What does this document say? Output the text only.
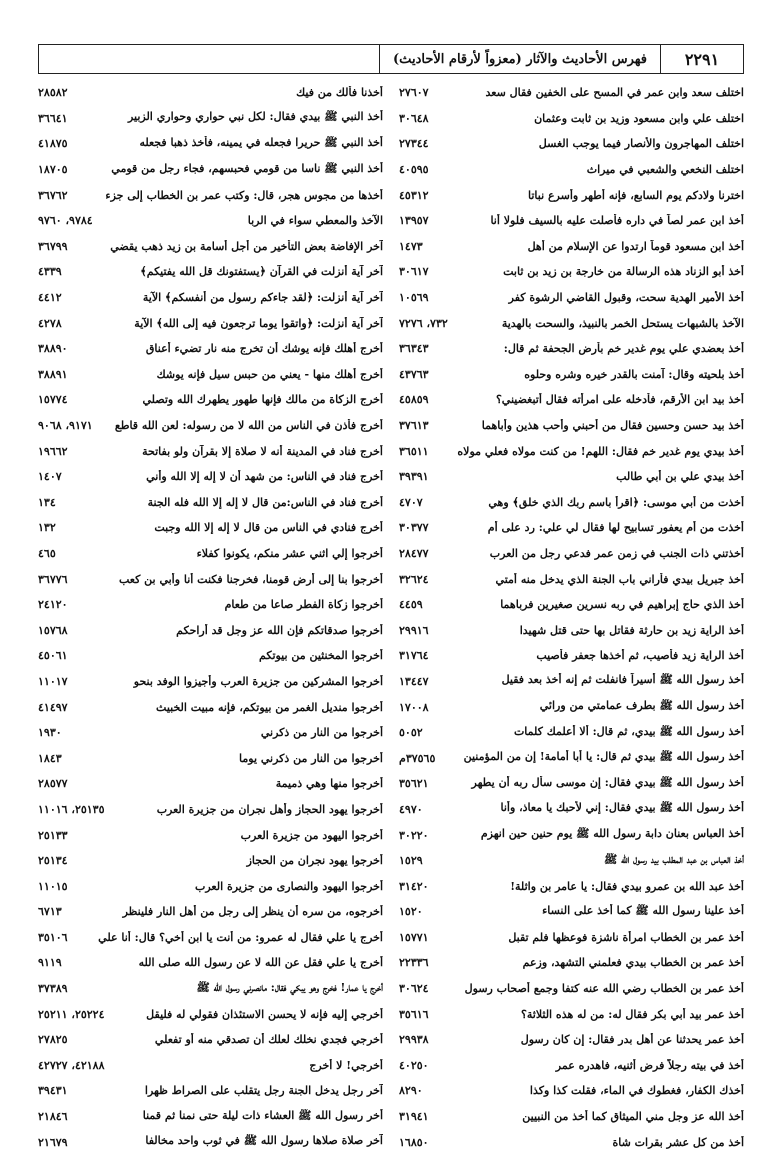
٢٢٩١
فهرس الأحاديث والآثار (معزواً لأرقام الأحاديث)
اختلف سعد وابن عمر في المسح على الخفين فقال سعد
٢٧٦٠٧
اختلف علي وابن مسعود وزيد بن ثابت وعثمان
٣٠٦٤٨
اختلف المهاجرون والأنصار فيما يوجب الغسل
٢٧٣٤٤
اختلف النخعي والشعبي في ميراث
٤٠٥٩٥
اخترنا ولادكم يوم السابع، فإنه أطهر وأسرع نباتا
٤٥٣١٢
أخذ ابن عمر لصاً في داره فأصلت عليه بالسيف فلولا أنا
١٣٩٥٧
أخذ ابن مسعود قوماً ارتدوا عن الإسلام من أهل
١٤٧٣
أخذ أبو الزناد هذه الرسالة من خارجة بن زيد بن ثابت
٣٠٦١٧
أخذ الأمير الهدية سحت، وقبول القاضي الرشوة كفر
١٠٥٦٩
الآخذ بالشبهات يستحل الخمر بالنبيذ، والسحت بالهدية
٧٣٢، ٧٢٧٦
أخذ بعضدي علي يوم غدير خم بأرض الجحفة ثم قال:
٣٦٣٤٣
أخذ بلحيته وقال: آمنت بالقدر خيره وشره وحلوه
٤٣٧٦٣
أخذ بيد ابن الأرقم، فأدخله على امرأته فقال أتبغضيني؟
٤٥٨٥٩
أخذ بيد حسن وحسين فقال من أحبني وأحب هذين وأباهما
٣٧٦١٣
أخذ بيدي يوم غدير خم فقال: اللهم! من كنت مولاه فعلي مولاه
٣٦٥١١
أخذ بيدي علي بن أبي طالب
٣٩٣٩١
أخذت من أبي موسى: ﴿اقرأ باسم ربك الذي خلق﴾ وهي
٤٧٠٧
أخذت من أم يعفور تسابيح لها فقال لي علي: رد على أم
٣٠٣٧٧
أخذتني ذات الجنب في زمن عمر فدعي رجل من العرب
٢٨٤٧٧
أخذ جبريل بيدي فأراني باب الجنة الذي يدخل منه أمتي
٣٢٦٢٤
أخذ الذي حاج إبراهيم في ربه نسرين صغيرين فرباهما
٤٤٥٩
أخذ الراية زيد بن حارثة فقاتل بها حتى قتل شهيدا
٢٩٩١٦
أخذ الراية زيد فأصيب، ثم أخذها جعفر فأصيب
٣١٧٦٤
أخذ رسول الله ﷺ أسيراً فانفلت ثم إنه أخذ بعد فقيل
١٣٤٤٧
أخذ رسول الله ﷺ بطرف عمامتي من ورائي
١٧٠٠٨
أخذ رسول الله ﷺ بيدي، ثم قال: ألا أعلمك كلمات
٥٠٥٢
أخذ رسول الله ﷺ بيدي ثم قال: يا أبا أمامة! إن من المؤمنين
٣٧٥٦٥م
أخذ رسول الله ﷺ بيدي فقال: إن موسى سأل ربه أن يطهر
٣٥٦٢١
أخذ رسول الله ﷺ بيدي فقال: إني لأحبك يا معاذ، وأنا
٤٩٧٠
أخذ العباس بعنان دابة رسول الله ﷺ يوم حنين حين انهزم
٣٠٢٢٠
أخذ العباس بن عبد المطلب بيد رسول الله ﷺ
١٥٢٩
أخذ عبد الله بن عمرو بيدي فقال: يا عامر بن واثلة!
٣١٤٢٠
أخذ علينا رسول الله ﷺ كما أخذ على النساء
١٥٢٠
أخذ عمر بن الخطاب امرأة ناشزة فوعظها فلم تقبل
١٥٧٧١
أخذ عمر بن الخطاب بيدي فعلمني التشهد، وزعم
٢٢٣٣٦
أخذ عمر بن الخطاب رضي الله عنه كتفا وجمع أصحاب رسول
٣٠٦٢٤
أخذ عمر بيد أبي بكر فقال له: من له هذه الثلاثة؟
٣٥٦١٦
أخذ عمر يحدثنا عن أهل بدر فقال: إن كان رسول
٢٩٩٣٨
أخذ في بيته رجلاً فرض أثنيه، فاهدره عمر
٤٠٢٥٠
أخذك الكفار، فغطوك في الماء، فقلت كذا وكذا
٨٢٩٠
أخذ الله عز وجل مني الميثاق كما أخذ من النبيين
٣١٩٤١
أخذ من كل عشر بقرات شاة
١٦٨٥٠
أخذنا فألك من فيك
٢٨٥٨٢
أخذ النبي ﷺ بيدي فقال: لكل نبي حواري وحواري الزبير
٣٦٦٤١
أخذ النبي ﷺ حريرا فجعله في يمينه، فأخذ ذهبا فجعله
٤١٨٧٥
أخذ النبي ﷺ ناسا من قومي فحبسهم، فجاء رجل من قومي
١٨٧٠٥
أخذها من مجوس هجر، قال: وكتب عمر بن الخطاب إلى جزء
٣٦٧٦٢
الآخذ والمعطي سواء في الربا
٩٧٨٤، ٩٧٦٠
آخر الإفاضة بعض التأخير من أجل أسامة بن زيد ذهب يقضي
٣٦٧٩٩
آخر آية أنزلت في القرآن ﴿يستفتونك قل الله يفتيكم﴾
٤٣٣٩
آخر آية أنزلت: ﴿لقد جاءكم رسول من أنفسكم﴾ الآية
٤٤١٢
آخر آية أنزلت: ﴿واتقوا يوما ترجعون فيه إلى الله﴾ الآية
٤٢٧٨
أخرج أهلك فإنه يوشك أن تخرج منه نار تضيء أعناق
٣٨٨٩٠
أخرج أهلك منها - يعني من حبس سيل فإنه يوشك
٣٨٨٩١
أخرج الزكاة من مالك فإنها طهور يطهرك الله وتصلي
١٥٧٧٤
أخرج فأذن في الناس من الله لا من رسوله: لعن الله قاطع
٩١٧١، ٩٠٦٨
أخرج فناد في المدينة أنه لا صلاة إلا بقرآن ولو بفاتحة
١٩٦٦٢
أخرج فناد في الناس: من شهد أن لا إله إلا الله وأني
١٤٠٧
أخرج فناد في الناس:من قال لا إله إلا الله فله الجنة
١٣٤
أخرج فنادي في الناس من قال لا إله إلا الله وجبت
١٣٢
أخرجوا إلي اثني عشر منكم، يكونوا كفلاء
٤٦٥
أخرجوا بنا إلى أرض قومنا، فخرجنا فكنت أنا وأبي بن كعب
٣٦٧٧٦
أخرجوا زكاة الفطر صاعا من طعام
٢٤١٢٠
أخرجوا صدقاتكم فإن الله عز وجل قد أراحكم
١٥٧٦٨
أخرجوا المخنثين من بيوتكم
٤٥٠٦١
أخرجوا المشركين من جزيرة العرب وأجيزوا الوفد بنحو
١١٠١٧
أخرجوا منديل الغمر من بيوتكم، فإنه مبيت الخبيث
٤١٤٩٧
أخرجوا من النار من ذكرني
١٩٣٠
أخرجوا من النار من ذكرني يوما
١٨٤٣
أخرجوا منها وهي ذميمة
٢٨٥٧٧
أخرجوا يهود الحجاز وأهل نجران من جزيرة العرب
٢٥١٣٥، ١١٠١٦
أخرجوا اليهود من جزيرة العرب
٢٥١٣٣
أخرجوا يهود نجران من الحجاز
٢٥١٣٤
أخرجوا اليهود والنصارى من جزيرة العرب
١١٠١٥
أخرجوه، من سره أن ينظر إلى رجل من أهل النار فلينظر
٦٧١٣
أخرج يا علي فقال له عمرو: من أنت يا ابن أخي؟ قال: أنا علي
٣٥١٠٦
أخرج يا علي فقل عن الله لا عن رسول الله صلى الله
٩١١٩
أخرج يا عمار! فخرج وهو يبكي فقال: مانصرني رسول الله ﷺ
٣٧٣٨٩
أخرجي إليه فإنه لا يحسن الاستئذان فقولي له فليقل
٢٥٢٢٤، ٢٥٢١١
أخرجي فجدي نخلك لعلك أن تصدقي منه أو تفعلي
٢٧٨٢٥
أخرجي! لا أخرج
٤٢١٨٨، ٤٢٧٢٧
آخر رجل يدخل الجنة رجل يتقلب على الصراط ظهرا
٣٩٤٣١
أخر رسول الله ﷺ العشاء ذات ليلة حتى نمنا ثم قمنا
٢١٨٤٦
آخر صلاة صلاها رسول الله ﷺ في ثوب واحد مخالفا
٢١٦٧٩
